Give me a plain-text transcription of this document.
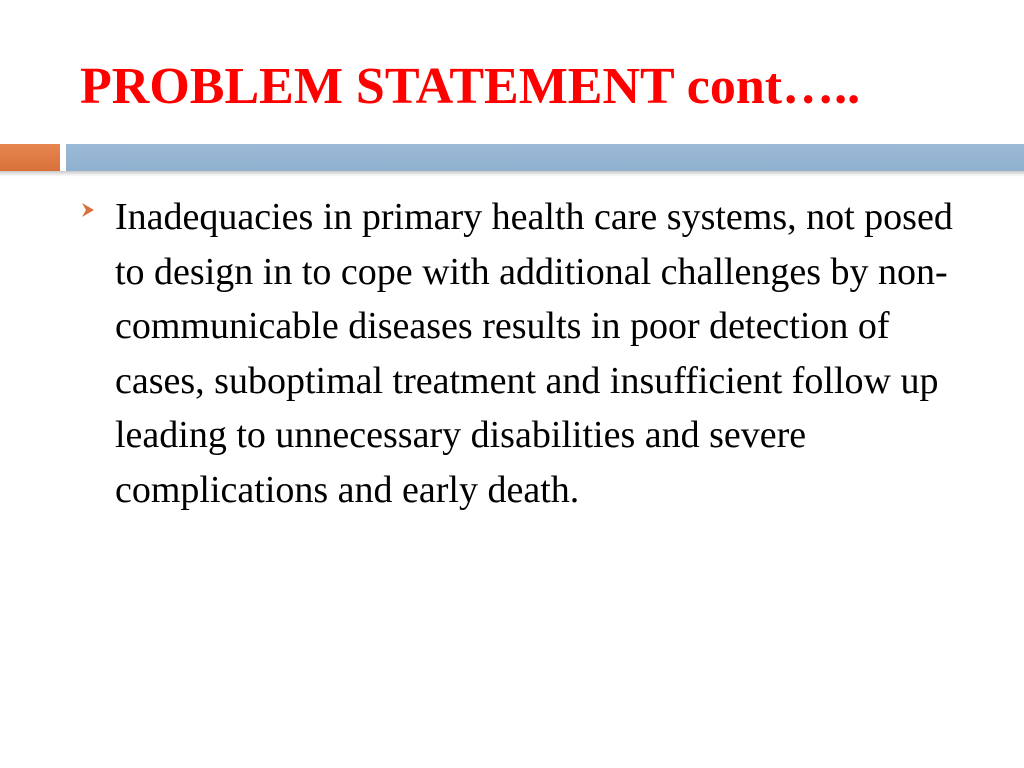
PROBLEM STATEMENT cont…..

Inadequacies in primary health care systems, not posed to design in to cope with additional challenges by non-communicable diseases results in poor detection of cases, suboptimal treatment and insufficient follow up leading to unnecessary disabilities and severe complications and early death.
